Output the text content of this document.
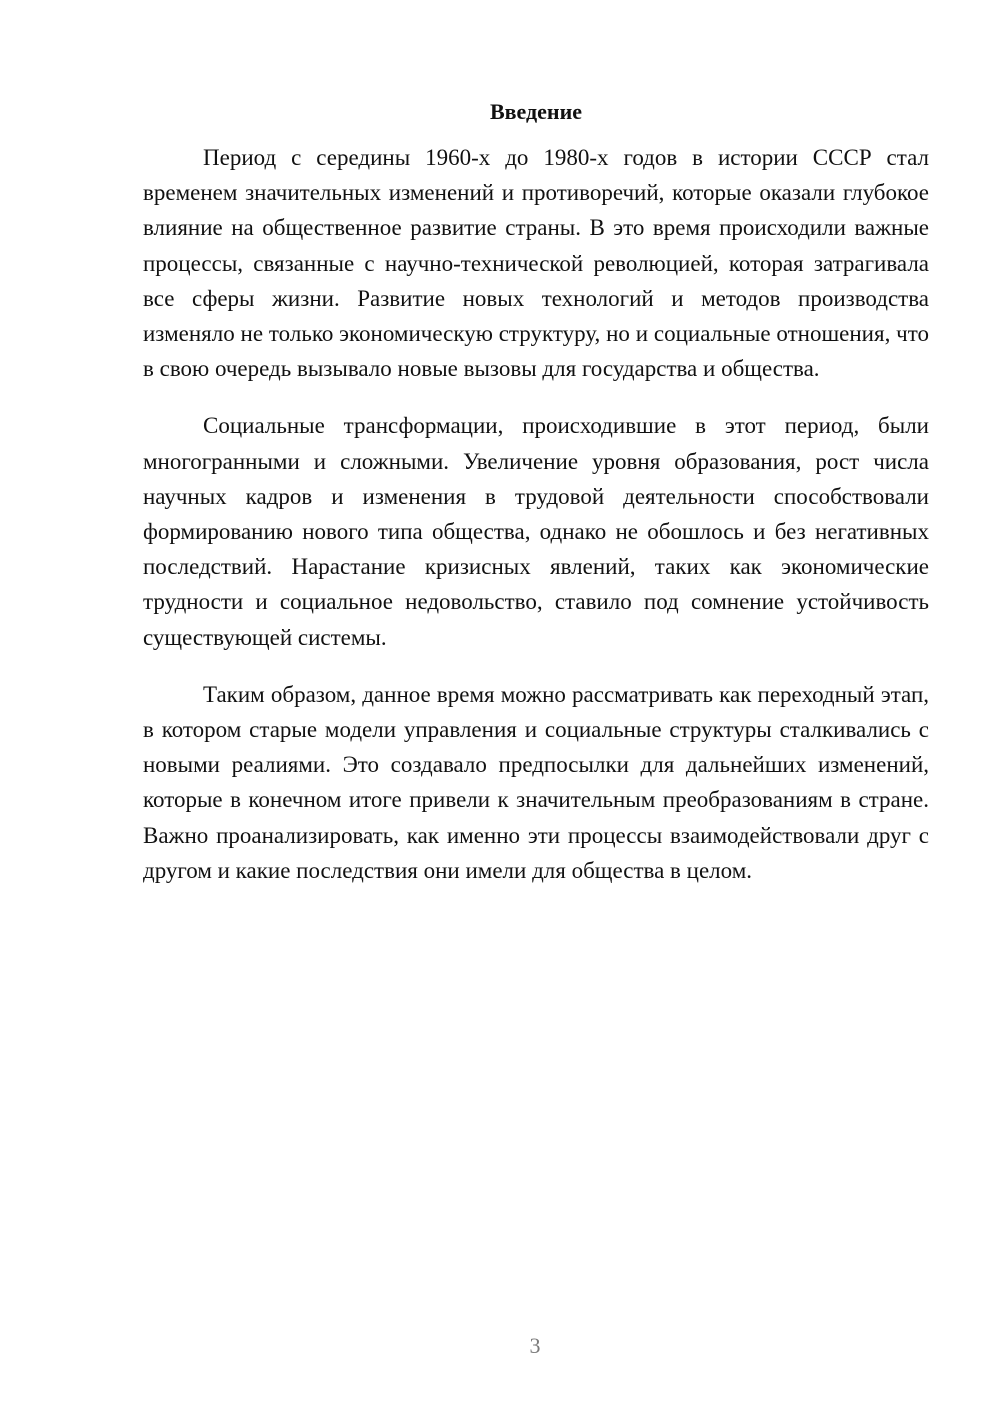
Введение

Период с середины 1960-х до 1980-х годов в истории СССР стал временем значительных изменений и противоречий, которые оказали глубокое влияние на общественное развитие страны. В это время происходили важные процессы, связанные с научно-технической революцией, которая затрагивала все сферы жизни. Развитие новых технологий и методов производства изменяло не только экономическую структуру, но и социальные отношения, что в свою очередь вызывало новые вызовы для государства и общества.

Социальные трансформации, происходившие в этот период, были многогранными и сложными. Увеличение уровня образования, рост числа научных кадров и изменения в трудовой деятельности способствовали формированию нового типа общества, однако не обошлось и без негативных последствий. Нарастание кризисных явлений, таких как экономические трудности и социальное недовольство, ставило под сомнение устойчивость существующей системы.

Таким образом, данное время можно рассматривать как переходный этап, в котором старые модели управления и социальные структуры сталкивались с новыми реалиями. Это создавало предпосылки для дальнейших изменений, которые в конечном итоге привели к значительным преобразованиям в стране. Важно проанализировать, как именно эти процессы взаимодействовали друг с другом и какие последствия они имели для общества в целом.

3
